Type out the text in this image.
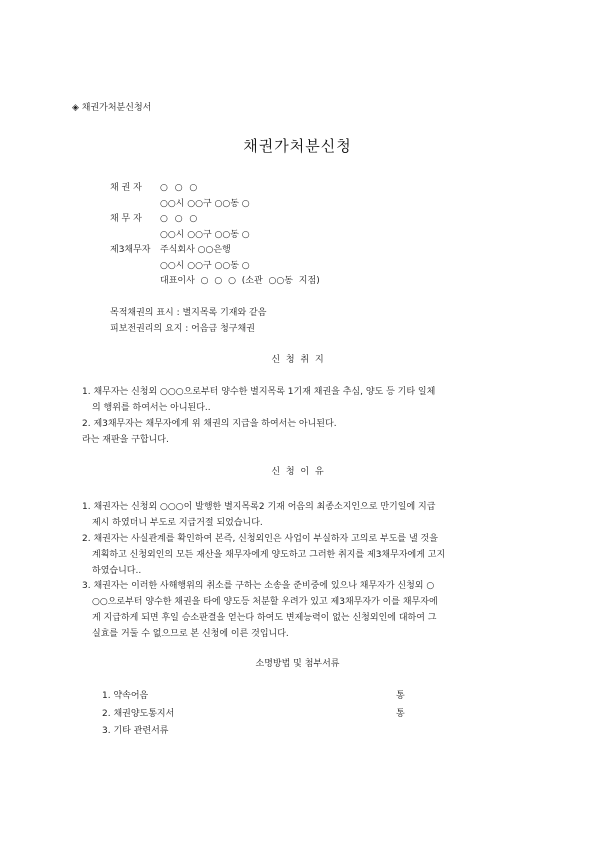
◈ 채권가처분신청서
채권가처분신청
채 권 자 ○ ○ ○
○○시 ○○구 ○○동 ○
채 무 자 ○ ○ ○
○○시 ○○구 ○○동 ○
제3채무자 주식회사 ○○은행
○○시 ○○구 ○○동 ○
대표이사 ○ ○ ○ (소관 ○○동 지점)
목적채권의 표시 : 별지목록 기재와 같음
피보전권리의 요지 : 어음금 청구채권
신 청 취 지
1. 채무자는 신청외 ○○○으로부터 양수한 별지목록 1기재 채권을 추심, 양도 등 기타 일체
의 행위를 하여서는 아니된다..
2. 제3채무자는 채무자에게 위 채권의 지급을 하여서는 아니된다.
라는 재판을 구합니다.
신 청 이 유
1. 채권자는 신청외 ○○○이 발행한 별지목록2 기재 어음의 최종소지인으로 만기일에 지급
제시 하였더니 부도로 지급거절 되었습니다.
2. 채권자는 사실관계를 확인하여 본즉, 신청외인은 사업이 부실하자 고의로 부도를 낼 것을
계획하고 신청외인의 모든 재산을 채무자에게 양도하고 그러한 취지를 제3채무자에게 고지
하였습니다..
3. 채권자는 이러한 사해행위의 취소를 구하는 소송을 준비중에 있으나 채무자가 신청외 ○
○○으로부터 양수한 채권을 타에 양도등 처분할 우려가 있고 제3채무자가 이를 채무자에
게 지급하게 되면 후일 승소판결을 얻는다 하여도 변제능력이 없는 신청외인에 대하여 그
실효를 거둘 수 없으므로 본 신청에 이른 것입니다.
소명방법 및 첨부서류
1. 약속어음	통
2. 채권양도통지서	통
3. 기타 관련서류
